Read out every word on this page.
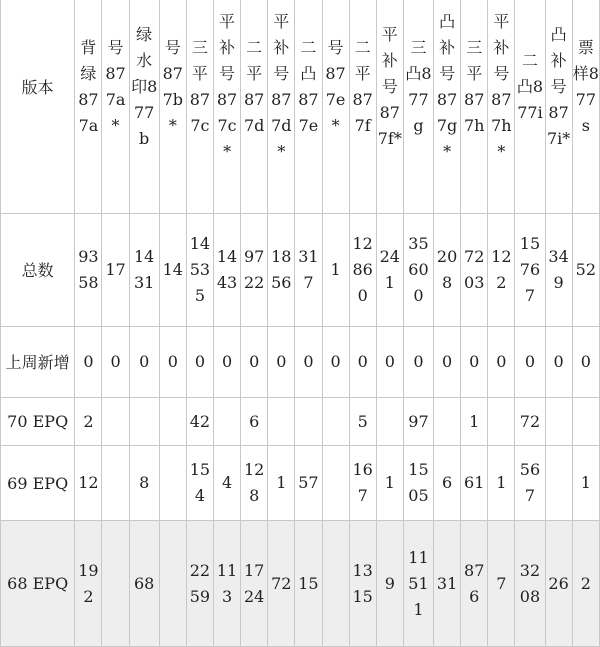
版本	背绿877a	号877a*	绿水印877b	号877b*	三平877c	平补号877c*	二平877d	平补号877d*	二凸877e	号877e*	二平877f	平补号877f*	三凸877g	凸补号877g*	三平877h	平补号877h*	二凸877i	凸补号877i*	票样877s

总数	9358	17	1431	14	14535	1443	9722	1856	317	1	12860	241	35600	208	7203	122	15767	349	52
上周新增	0	0	0	0	0	0	0	0	0	0	0	0	0	0	0	0	0	0	0
70 EPQ	2				42		6				5		97		1		72		
69 EPQ	12		8		154	4	128	1	57		167	1	1505	6	61	1	567		1
68 EPQ	192		68		2259	113	1724	72	15		1315	9	11511	31	876	7	3208	26	2
